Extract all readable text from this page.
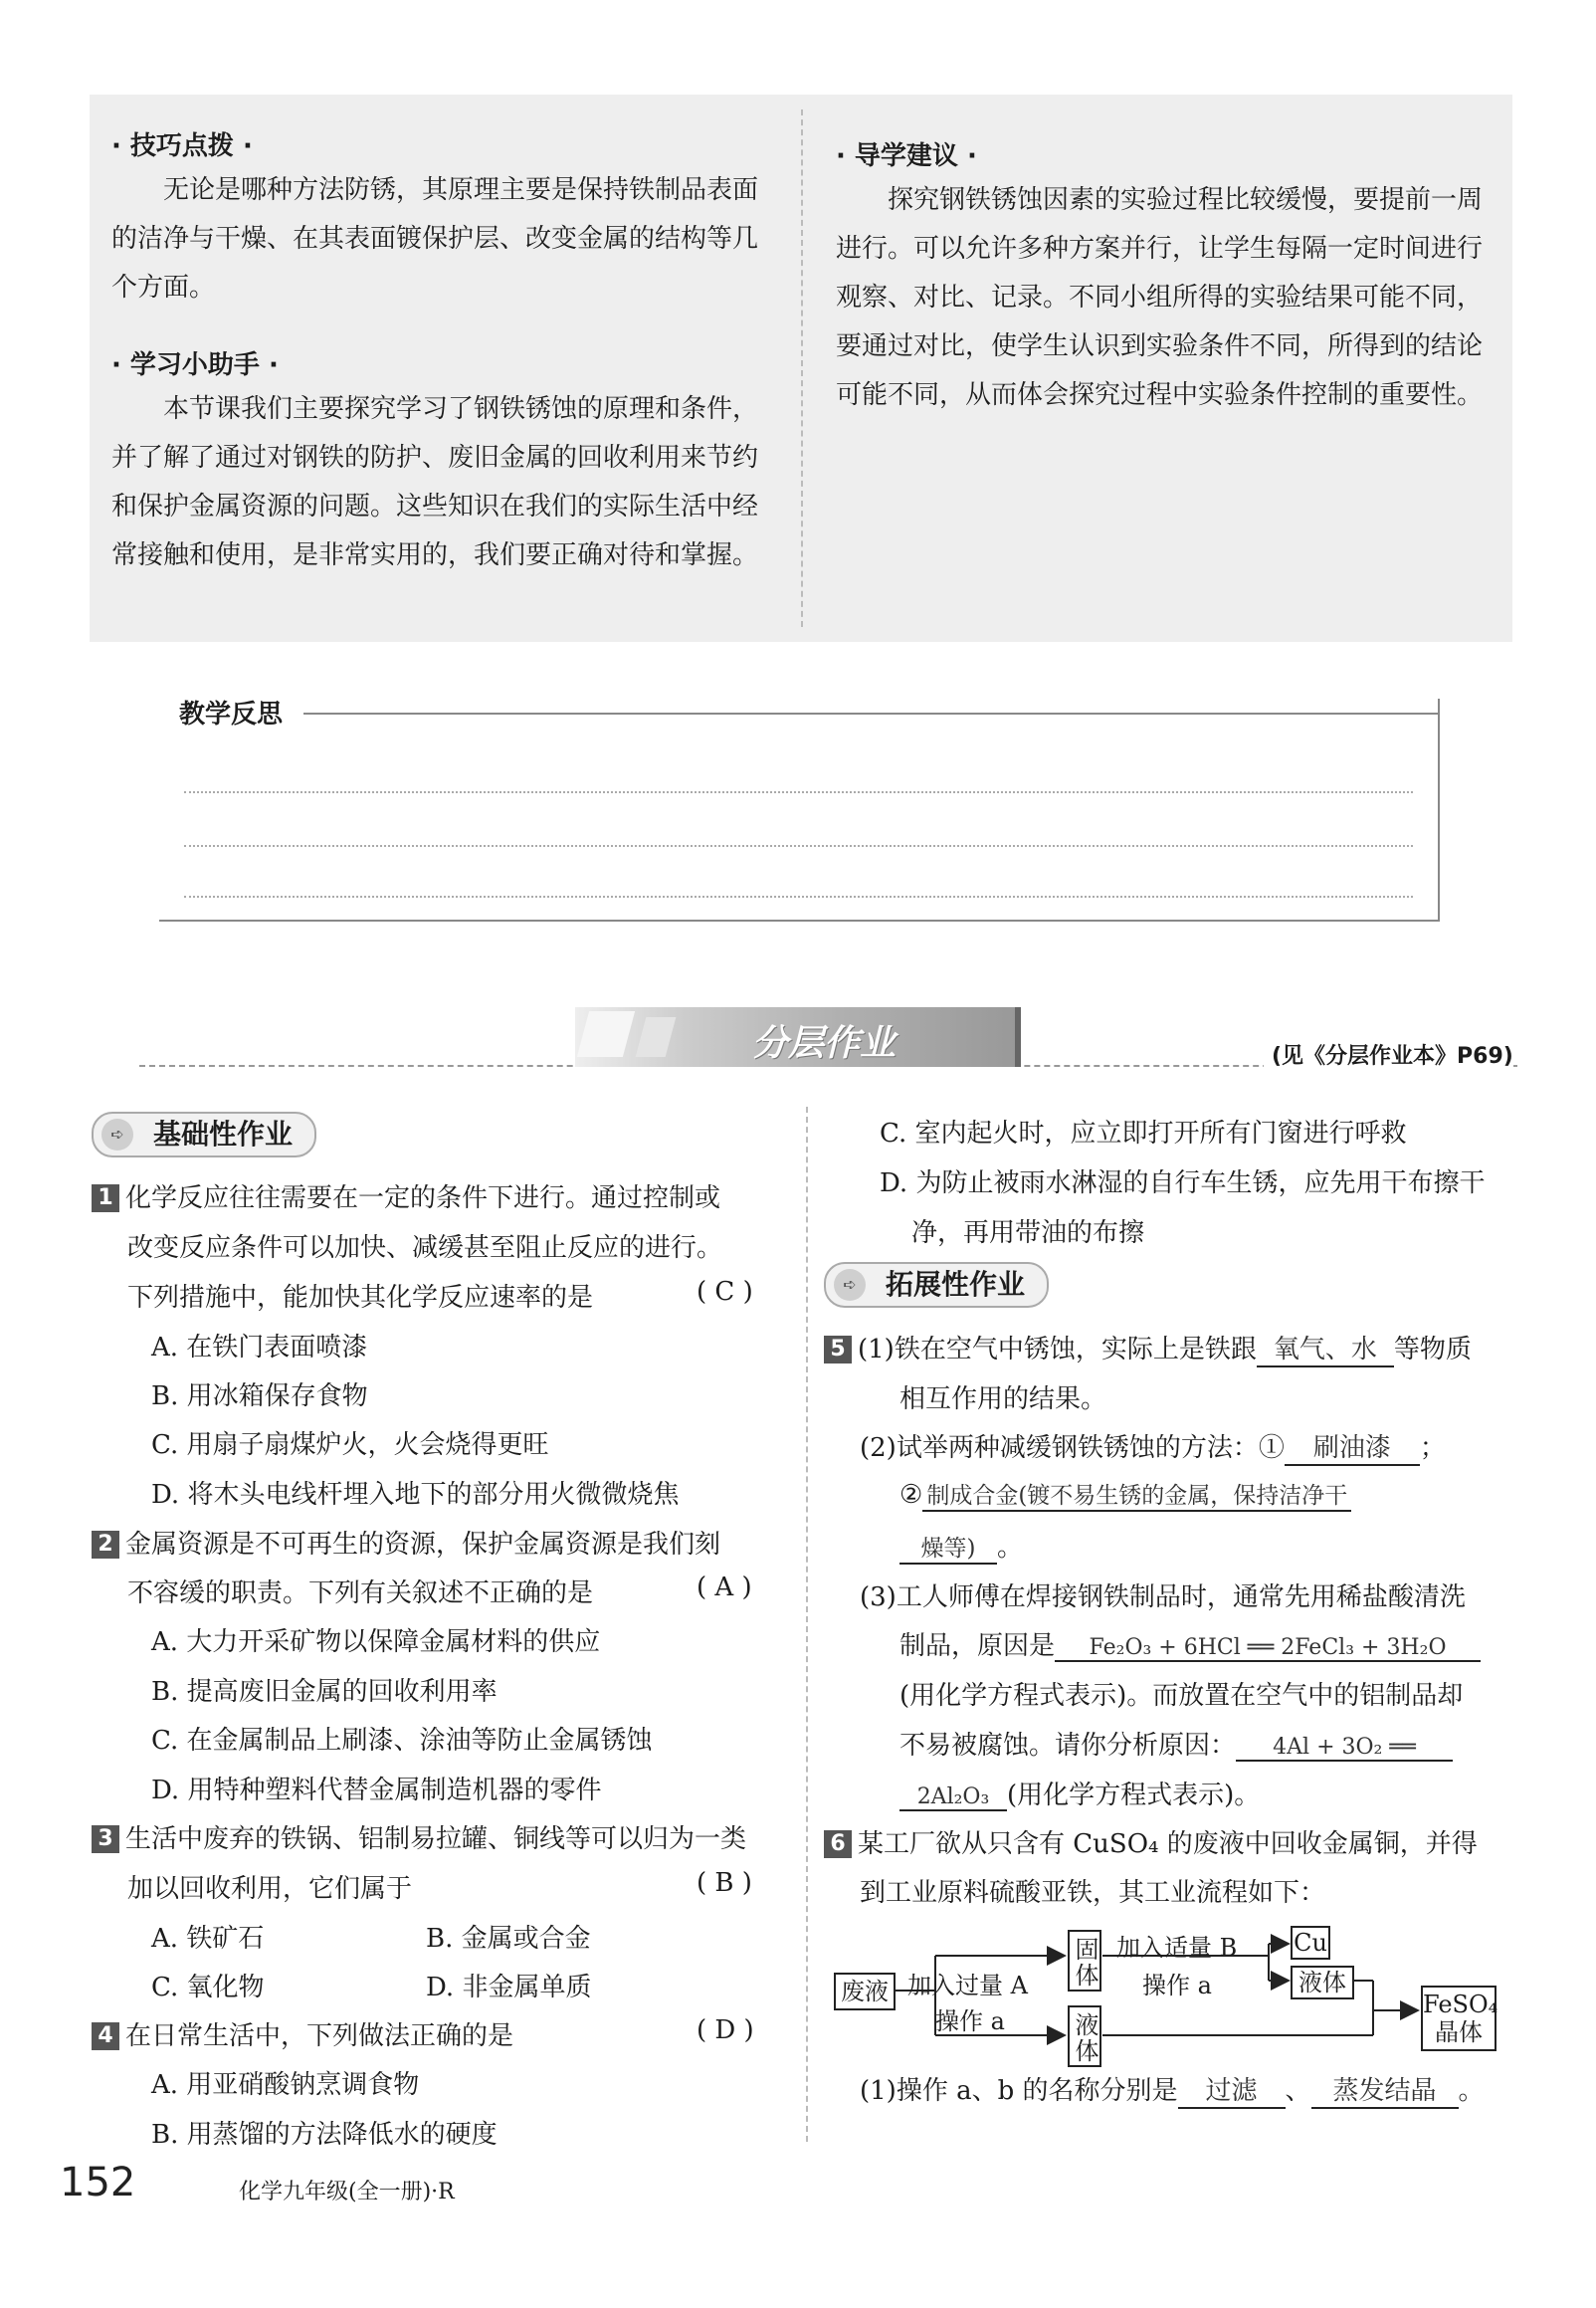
· 技巧点拨 ·

无论是哪种方法防锈，其原理主要是保持铁制品表面的洁净与干燥、在其表面镀保护层、改变金属的结构等几个方面。

· 学习小助手 ·

本节课我们主要探究学习了钢铁锈蚀的原理和条件，并了解了通过对钢铁的防护、废旧金属的回收利用来节约和保护金属资源的问题。这些知识在我们的实际生活中经常接触和使用，是非常实用的，我们要正确对待和掌握。

· 导学建议 ·

探究钢铁锈蚀因素的实验过程比较缓慢，要提前一周进行。可以允许多种方案并行，让学生每隔一定时间进行观察、对比、记录。不同小组所得的实验结果可能不同，要通过对比，使学生认识到实验条件不同，所得到的结论可能不同，从而体会探究过程中实验条件控制的重要性。

教学反思
分层作业	(见《分层作业本》P69)
➪	基础性作业
1 化学反应往往需要在一定的条件下进行。通过控制或
改变反应条件可以加快、减缓甚至阻止反应的进行。
下列措施中，能加快其化学反应速率的是	( C )
A. 在铁门表面喷漆
B. 用冰箱保存食物
C. 用扇子扇煤炉火，火会烧得更旺
D. 将木头电线杆埋入地下的部分用火微微烧焦
2 金属资源是不可再生的资源，保护金属资源是我们刻
不容缓的职责。下列有关叙述不正确的是	( A )
A. 大力开采矿物以保障金属材料的供应
B. 提高废旧金属的回收利用率
C. 在金属制品上刷漆、涂油等防止金属锈蚀
D. 用特种塑料代替金属制造机器的零件
3 生活中废弃的铁锅、铝制易拉罐、铜线等可以归为一类
加以回收利用，它们属于	( B )
A. 铁矿石	B. 金属或合金
C. 氧化物	D. 非金属单质
4 在日常生活中，下列做法正确的是	( D )
A. 用亚硝酸钠烹调食物
B. 用蒸馏的方法降低水的硬度
C. 室内起火时，应立即打开所有门窗进行呼救
D. 为防止被雨水淋湿的自行车生锈，应先用干布擦干
净，再用带油的布擦
➪	拓展性作业
5 (1)铁在空气中锈蚀，实际上是铁跟 氧气、水 等物质
相互作用的结果。
(2)试举两种减缓钢铁锈蚀的方法：① 刷油漆 ；
② 制成合金(镀不易生锈的金属，保持洁净干
燥等) 。
(3)工人师傅在焊接钢铁制品时，通常先用稀盐酸清洗
制品，原因是 Fe₂O₃ + 6HCl ══ 2FeCl₃ + 3H₂O
(用化学方程式表示)。而放置在空气中的铝制品却
不易被腐蚀。请你分析原因： 4Al + 3O₂ ══
2Al₂O₃ (用化学方程式表示)。
6 某工厂欲从只含有 CuSO₄ 的废液中回收金属铜，并得
到工业原料硫酸亚铁，其工业流程如下：
废液 加入过量 A
操作 a
固体
液体
加入适量 B
操作 a
Cu
液体
FeSO₄
晶体
(1)操作 a、b 的名称分别是 过滤 、 蒸发结晶 。
152	化学九年级(全一册)·R
